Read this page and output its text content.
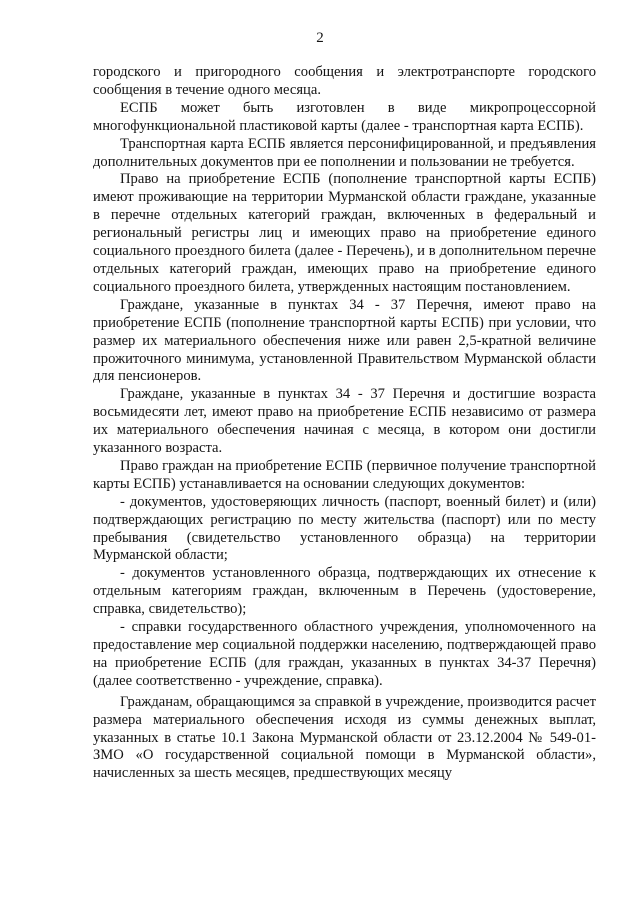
2

городского и пригородного сообщения и электротранспорте городского сообщения в течение одного месяца.

ЕСПБ может быть изготовлен в виде микропроцессорной многофункциональной пластиковой карты (далее - транспортная карта ЕСПБ).

Транспортная карта ЕСПБ является персонифицированной, и предъявления дополнительных документов при ее пополнении и пользовании не требуется.

Право на приобретение ЕСПБ (пополнение транспортной карты ЕСПБ) имеют проживающие на территории Мурманской области граждане, указанные в перечне отдельных категорий граждан, включенных в федеральный и региональный регистры лиц и имеющих право на приобретение единого социального проездного билета (далее - Перечень), и в дополнительном перечне отдельных категорий граждан, имеющих право на приобретение единого социального проездного билета, утвержденных настоящим постановлением.

Граждане, указанные в пунктах 34 - 37 Перечня, имеют право на приобретение ЕСПБ (пополнение транспортной карты ЕСПБ) при условии, что размер их материального обеспечения ниже или равен 2,5-кратной величине прожиточного минимума, установленной Правительством Мурманской области для пенсионеров.

Граждане, указанные в пунктах 34 - 37 Перечня и достигшие возраста восьмидесяти лет, имеют право на приобретение ЕСПБ независимо от размера их материального обеспечения начиная с месяца, в котором они достигли указанного возраста.

Право граждан на приобретение ЕСПБ (первичное получение транспортной карты ЕСПБ) устанавливается на основании следующих документов:

- документов, удостоверяющих личность (паспорт, военный билет) и (или) подтверждающих регистрацию по месту жительства (паспорт) или по месту пребывания (свидетельство установленного образца) на территории Мурманской области;

- документов установленного образца, подтверждающих их отнесение к отдельным категориям граждан, включенным в Перечень (удостоверение, справка, свидетельство);

- справки государственного областного учреждения, уполномоченного на предоставление мер социальной поддержки населению, подтверждающей право на приобретение ЕСПБ (для граждан, указанных в пунктах 34-37 Перечня) (далее соответственно - учреждение, справка).

Гражданам, обращающимся за справкой в учреждение, производится расчет размера материального обеспечения исходя из суммы денежных выплат, указанных в статье 10.1 Закона Мурманской области от 23.12.2004 № 549-01-ЗМО «О государственной социальной помощи в Мурманской области», начисленных за шесть месяцев, предшествующих месяцу
